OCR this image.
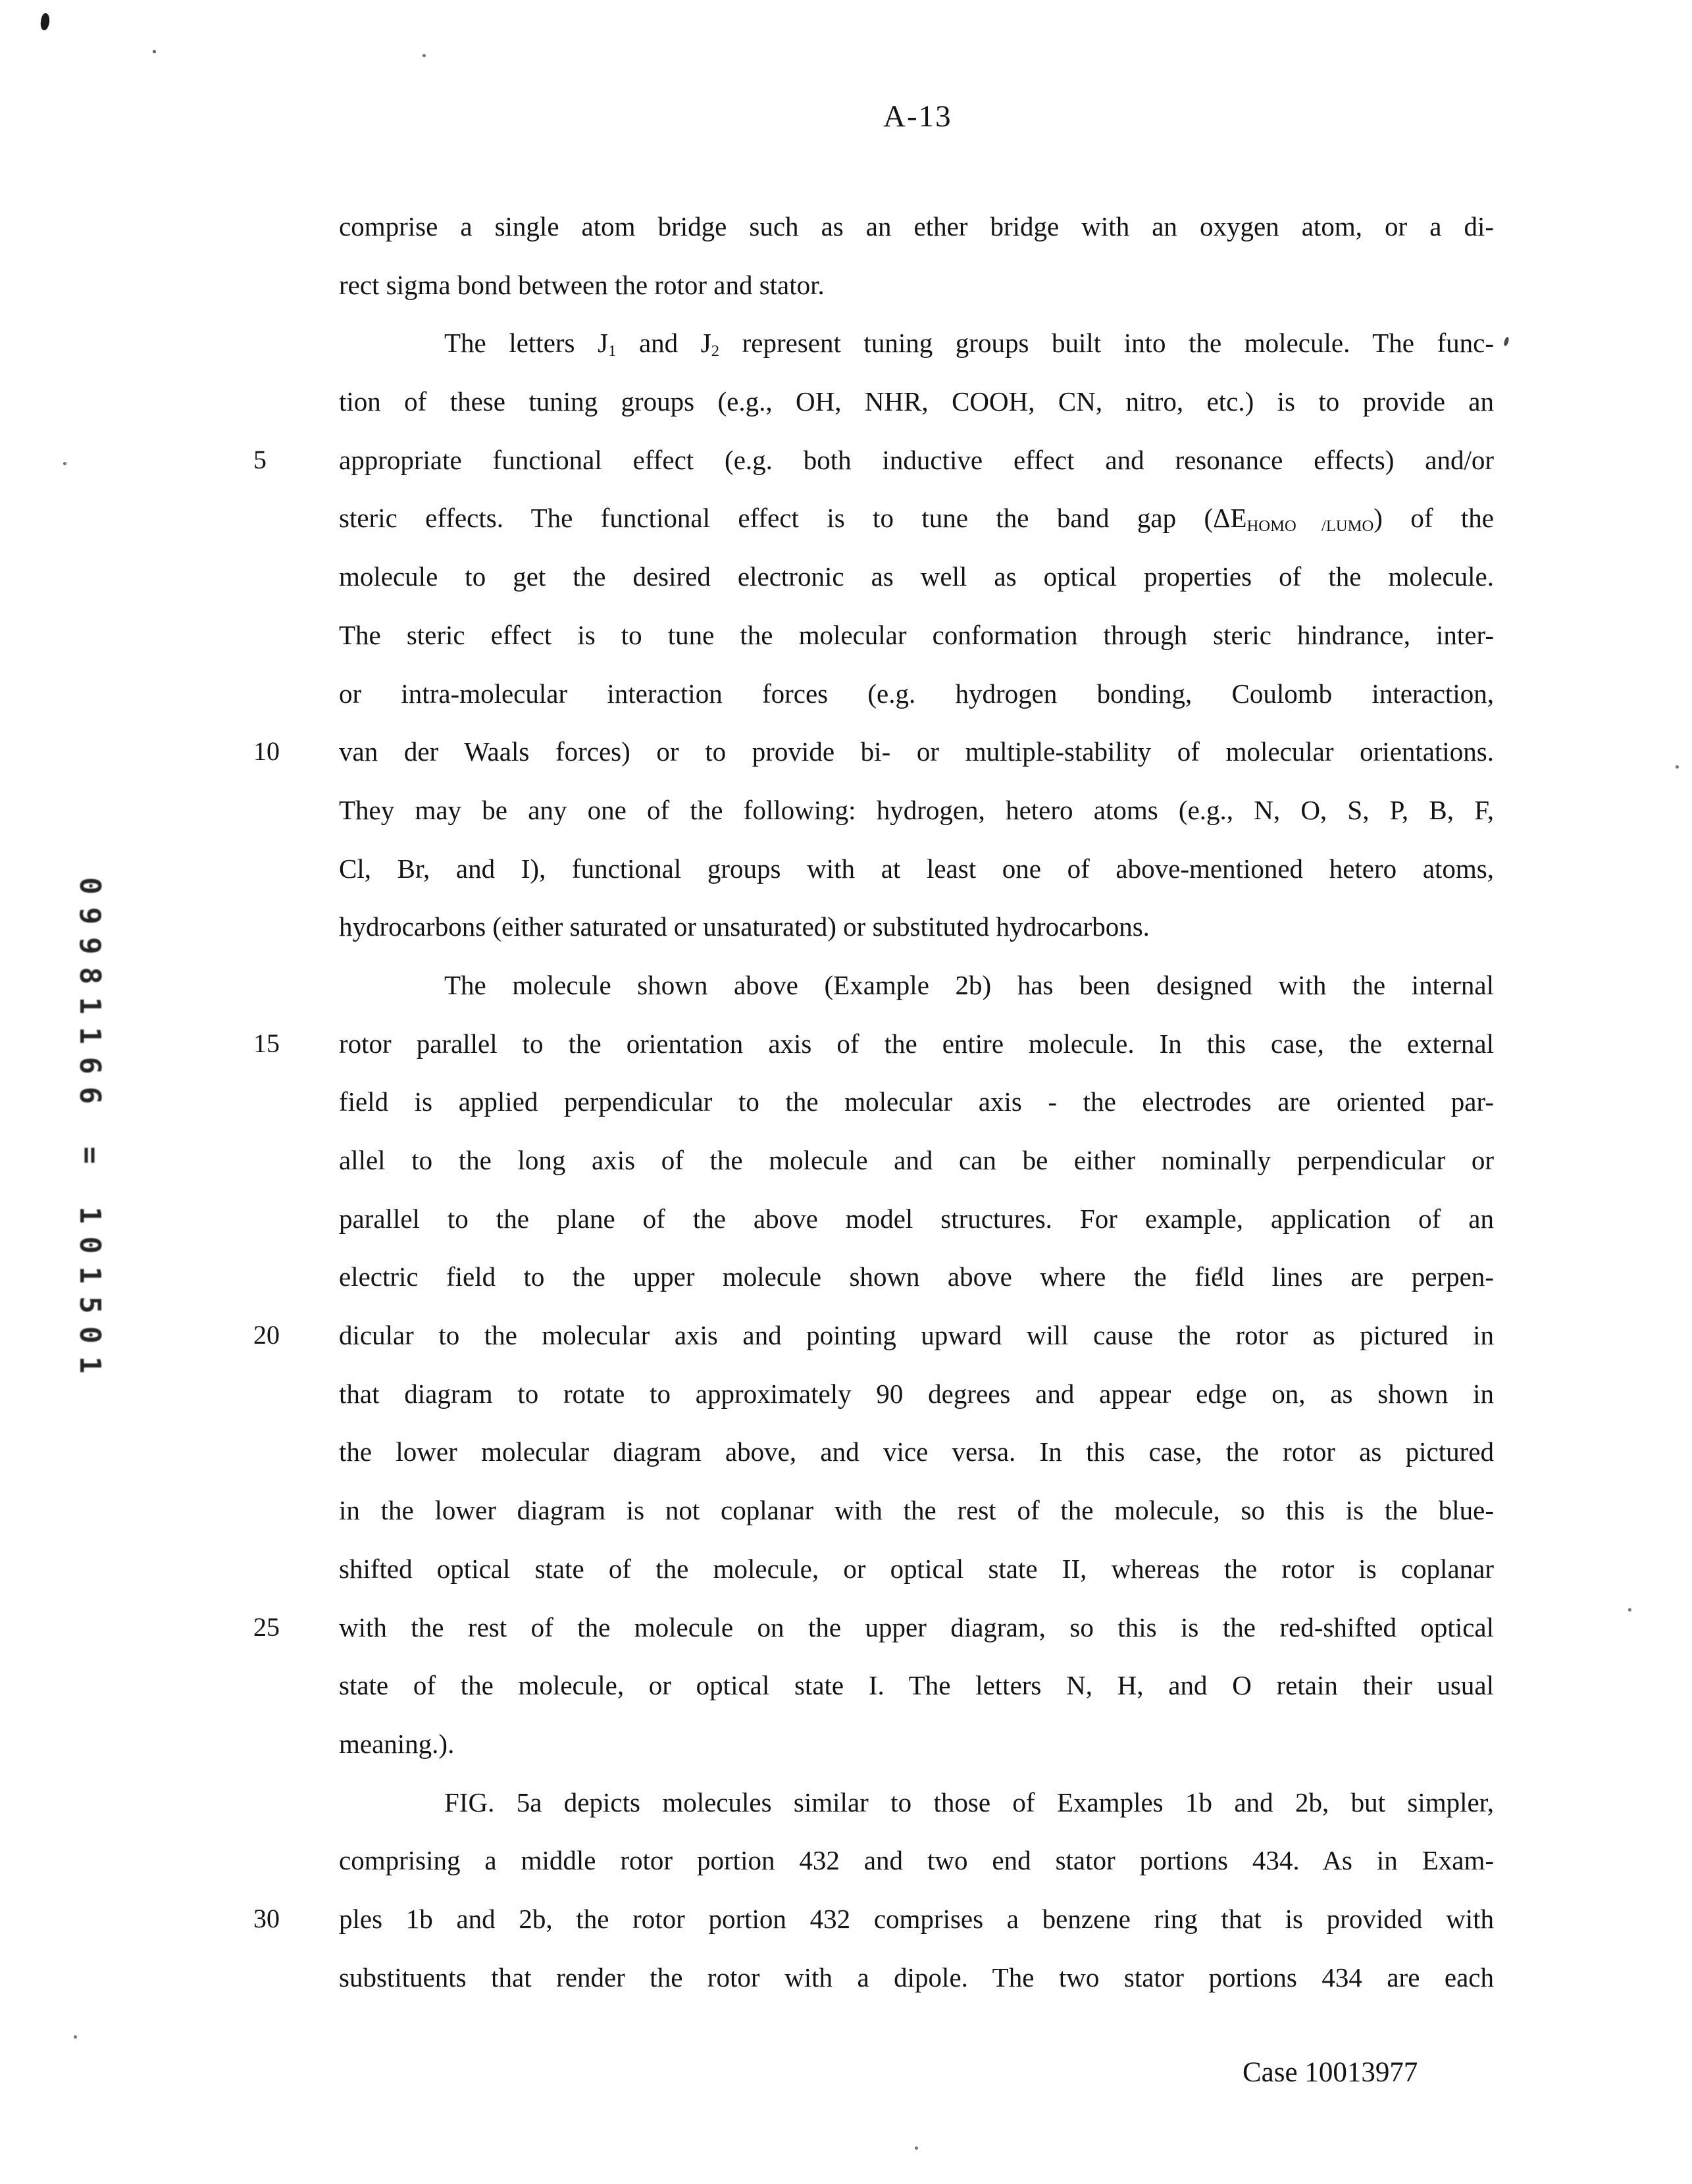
A-13
09981166 = 101501
5
10
15
20
25
30
comprise a single atom bridge such as an ether bridge with an oxygen atom, or a di-
rect sigma bond between the rotor and stator.
The letters $J_1$ and $J_2$ represent tuning groups built into the molecule. The func-
tion of these tuning groups (e.g., OH, NHR, COOH, CN, nitro, etc.) is to provide an
appropriate functional effect (e.g. both inductive effect and resonance effects) and/or
steric effects. The functional effect is to tune the band gap $(\Delta E_{HOMO /LUMO})$ of the
molecule to get the desired electronic as well as optical properties of the molecule.
The steric effect is to tune the molecular conformation through steric hindrance, inter-
or intra-molecular interaction forces (e.g. hydrogen bonding, Coulomb interaction,
van der Waals forces) or to provide bi- or multiple-stability of molecular orientations.
They may be any one of the following: hydrogen, hetero atoms (e.g., N, O, S, P, B, F,
Cl, Br, and I), functional groups with at least one of above-mentioned hetero atoms,
hydrocarbons (either saturated or unsaturated) or substituted hydrocarbons.
The molecule shown above (Example 2b) has been designed with the internal
rotor parallel to the orientation axis of the entire molecule. In this case, the external
field is applied perpendicular to the molecular axis - the electrodes are oriented par-
allel to the long axis of the molecule and can be either nominally perpendicular or
parallel to the plane of the above model structures. For example, application of an
electric field to the upper molecule shown above where the field lines are perpen-
dicular to the molecular axis and pointing upward will cause the rotor as pictured in
that diagram to rotate to approximately 90 degrees and appear edge on, as shown in
the lower molecular diagram above, and vice versa. In this case, the rotor as pictured
in the lower diagram is not coplanar with the rest of the molecule, so this is the blue-
shifted optical state of the molecule, or optical state II, whereas the rotor is coplanar
with the rest of the molecule on the upper diagram, so this is the red-shifted optical
state of the molecule, or optical state I. The letters N, H, and O retain their usual
meaning.).
FIG. 5a depicts molecules similar to those of Examples 1b and 2b, but simpler,
comprising a middle rotor portion 432 and two end stator portions 434. As in Exam-
ples 1b and 2b, the rotor portion 432 comprises a benzene ring that is provided with
substituents that render the rotor with a dipole. The two stator portions 434 are each
Case 10013977
